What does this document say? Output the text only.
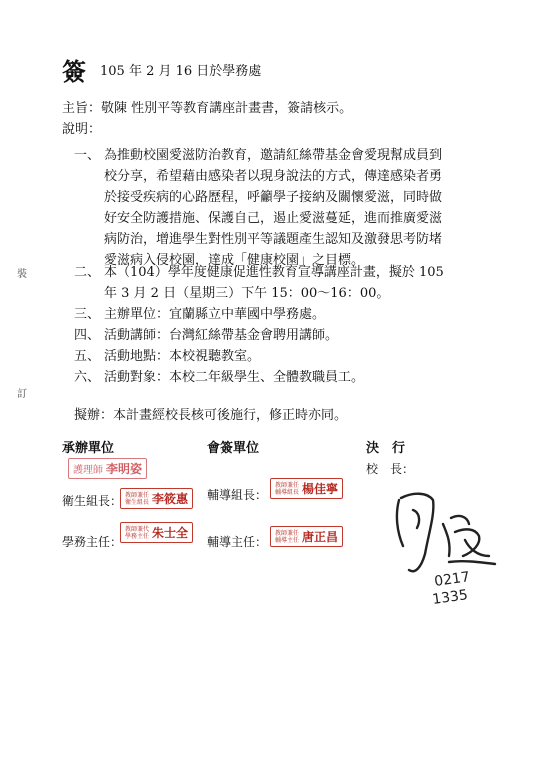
簽 105 年 2 月 16 日於學務處
主旨：敬陳 性別平等教育講座計畫書，簽請核示。
說明：
一、 為推動校園愛滋防治教育，邀請紅絲帶基金會愛現幫成員到
校分享，希望藉由感染者以現身說法的方式，傳達感染者勇
於接受疾病的心路歷程，呼籲學子接納及關懷愛滋，同時做
好安全防護措施、保護自己，遏止愛滋蔓延，進而推廣愛滋
病防治，增進學生對性別平等議題產生認知及激發思考防堵
愛滋病入侵校園，達成「健康校園」之目標。
二、 本（104）學年度健康促進性教育宣導講座計畫，擬於 105
年 3 月 2 日（星期三）下午 15：00～16：00。
三、 主辦單位：宜蘭縣立中華國中學務處。
四、 活動講師：台灣紅絲帶基金會聘用講師。
五、 活動地點：本校視聽教室。
六、 活動對象：本校二年級學生、全體教職員工。
擬辦：本計畫經校長核可後施行，修正時亦同。
裝
訂
承辦單位	會簽單位	決　行
校　長：
護理師 李明姿
衛生組長： 教師兼任
衛生組長 李筱惠
學務主任：
教師兼代
學務主任 朱士全
輔導組長：
教師兼任
輔導組長 楊佳寧
輔導主任：
教師兼任
輔導主任 唐正昌
0217
1335
